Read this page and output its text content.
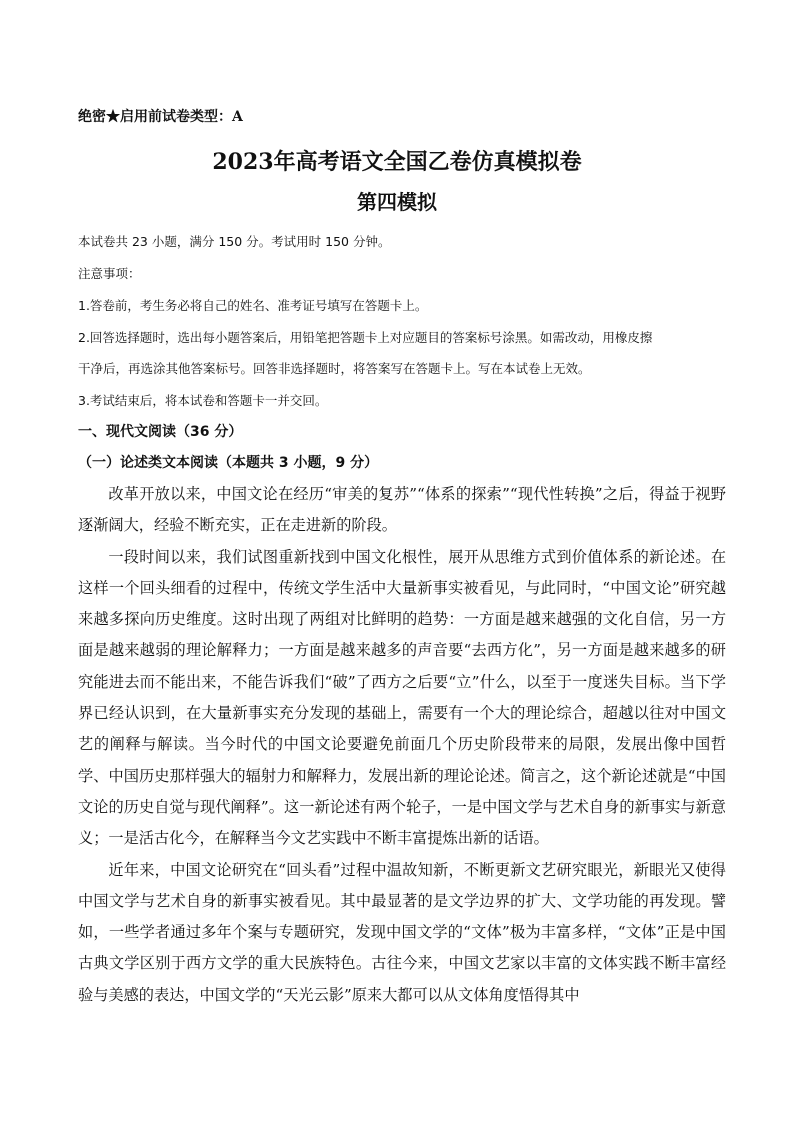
绝密★启用前试卷类型：A
2023年高考语文全国乙卷仿真模拟卷
第四模拟
本试卷共 23 小题，满分 150 分。考试用时 150 分钟。
注意事项：
1.答卷前，考生务必将自己的姓名、准考证号填写在答题卡上。
2.回答选择题时，选出每小题答案后，用铅笔把答题卡上对应题目的答案标号涂黑。如需改动，用橡皮擦
干净后，再选涂其他答案标号。回答非选择题时，将答案写在答题卡上。写在本试卷上无效。
3.考试结束后，将本试卷和答题卡一并交回。
一、现代文阅读（36 分）
（一）论述类文本阅读（本题共 3 小题，9 分）

改革开放以来，中国文论在经历“审美的复苏”“体系的探索”“现代性转换”之后，得益于视野逐渐阔大，经验不断充实，正在走进新的阶段。

一段时间以来，我们试图重新找到中国文化根性，展开从思维方式到价值体系的新论述。在这样一个回头细看的过程中，传统文学生活中大量新事实被看见，与此同时，“中国文论”研究越来越多探向历史维度。这时出现了两组对比鲜明的趋势：一方面是越来越强的文化自信，另一方面是越来越弱的理论解释力；一方面是越来越多的声音要“去西方化”，另一方面是越来越多的研究能进去而不能出来，不能告诉我们“破”了西方之后要“立”什么，以至于一度迷失目标。当下学界已经认识到，在大量新事实充分发现的基础上，需要有一个大的理论综合，超越以往对中国文艺的阐释与解读。当今时代的中国文论要避免前面几个历史阶段带来的局限，发展出像中国哲学、中国历史那样强大的辐射力和解释力，发展出新的理论论述。简言之，这个新论述就是“中国文论的历史自觉与现代阐释”。这一新论述有两个轮子，一是中国文学与艺术自身的新事实与新意义；一是活古化今，在解释当今文艺实践中不断丰富提炼出新的话语。

近年来，中国文论研究在“回头看”过程中温故知新，不断更新文艺研究眼光，新眼光又使得中国文学与艺术自身的新事实被看见。其中最显著的是文学边界的扩大、文学功能的再发现。譬如，一些学者通过多年个案与专题研究，发现中国文学的“文体”极为丰富多样，“文体”正是中国古典文学区别于西方文学的重大民族特色。古往今来，中国文艺家以丰富的文体实践不断丰富经验与美感的表达，中国文学的“天光云影”原来大都可以从文体角度悟得其中
